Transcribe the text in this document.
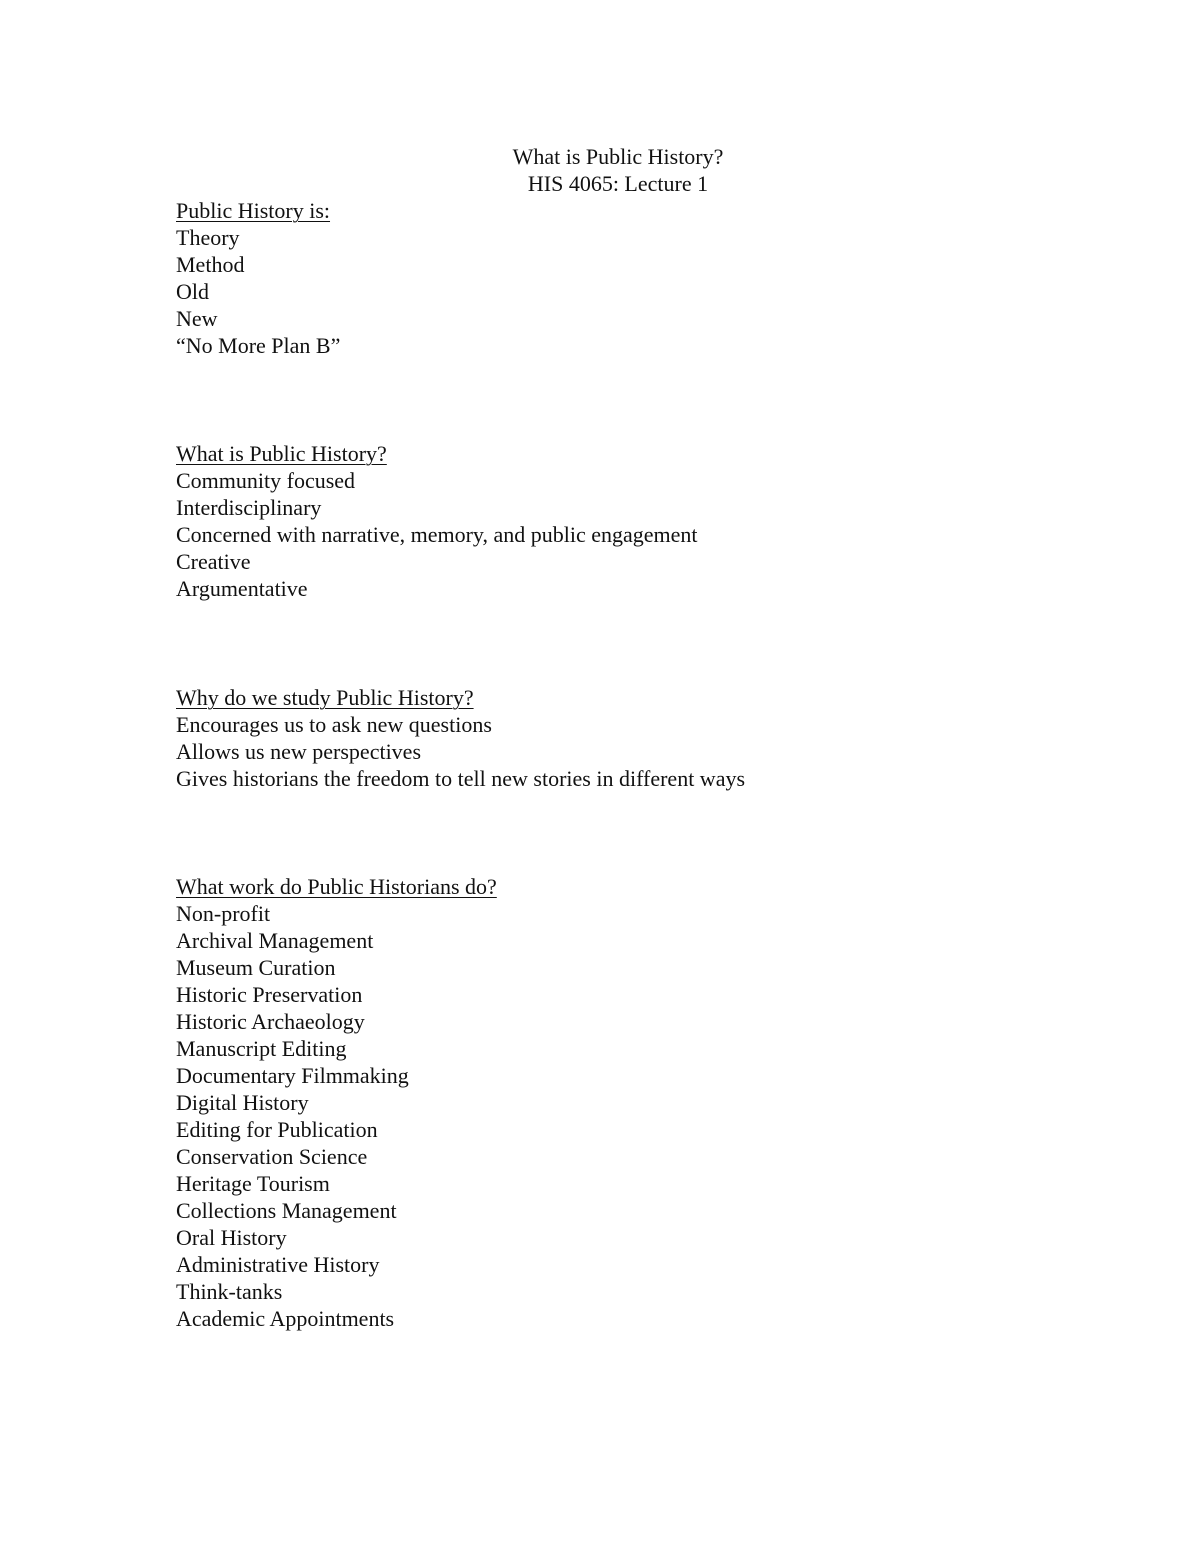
What is Public History?
HIS 4065: Lecture 1
Public History is:
Theory
Method
Old
New
“No More Plan B”
What is Public History?
Community focused
Interdisciplinary
Concerned with narrative, memory, and public engagement
Creative
Argumentative
Why do we study Public History?
Encourages us to ask new questions
Allows us new perspectives
Gives historians the freedom to tell new stories in different ways
What work do Public Historians do?
Non-profit
Archival Management
Museum Curation
Historic Preservation
Historic Archaeology
Manuscript Editing
Documentary Filmmaking
Digital History
Editing for Publication
Conservation Science
Heritage Tourism
Collections Management
Oral History
Administrative History
Think-tanks
Academic Appointments
